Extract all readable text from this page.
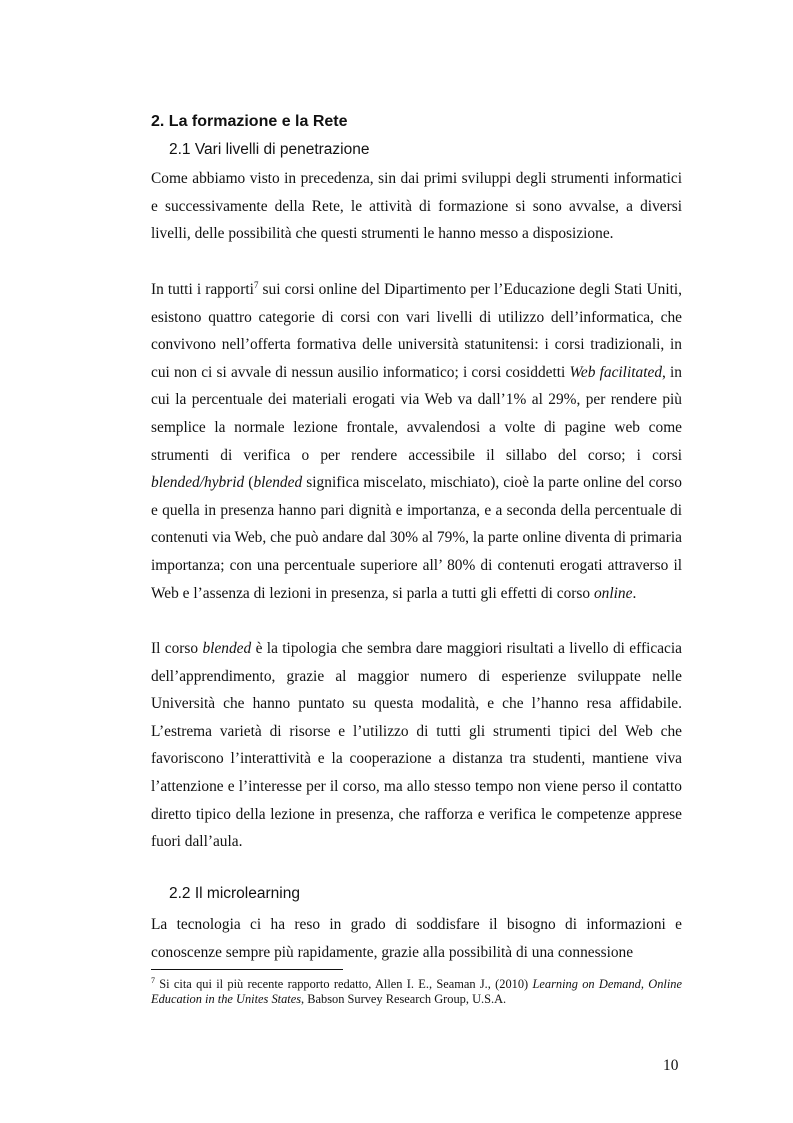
2. La formazione e la Rete
2.1 Vari livelli di penetrazione

Come abbiamo visto in precedenza, sin dai primi sviluppi degli strumenti informatici e successivamente della Rete, le attività di formazione si sono avvalse, a diversi livelli, delle possibilità che questi strumenti le hanno messo a disposizione.

In tutti i rapporti$^7$ sui corsi online del Dipartimento per l’Educazione degli Stati Uniti, esistono quattro categorie di corsi con vari livelli di utilizzo dell’informatica, che convivono nell’offerta formativa delle università statunitensi: i corsi tradizionali, in cui non ci si avvale di nessun ausilio informatico; i corsi cosiddetti Web facilitated, in cui la percentuale dei materiali erogati via Web va dall’1% al 29%, per rendere più semplice la normale lezione frontale, avvalendosi a volte di pagine web come strumenti di verifica o per rendere accessibile il sillabo del corso; i corsi blended/hybrid (blended significa miscelato, mischiato), cioè la parte online del corso e quella in presenza hanno pari dignità e importanza, e a seconda della percentuale di contenuti via Web, che può andare dal 30% al 79%, la parte online diventa di primaria importanza; con una percentuale superiore all’ 80% di contenuti erogati attraverso il Web e l’assenza di lezioni in presenza, si parla a tutti gli effetti di corso online.

Il corso blended è la tipologia che sembra dare maggiori risultati a livello di efficacia dell’apprendimento, grazie al maggior numero di esperienze sviluppate nelle Università che hanno puntato su questa modalità, e che l’hanno resa affidabile. L’estrema varietà di risorse e l’utilizzo di tutti gli strumenti tipici del Web che favoriscono l’interattività e la cooperazione a distanza tra studenti, mantiene viva l’attenzione e l’interesse per il corso, ma allo stesso tempo non viene perso il contatto diretto tipico della lezione in presenza, che rafforza e verifica le competenze apprese fuori dall’aula.

2.2 Il microlearning

La tecnologia ci ha reso in grado di soddisfare il bisogno di informazioni e conoscenze sempre più rapidamente, grazie alla possibilità di una connessione

$^7$ Si cita qui il più recente rapporto redatto, Allen I. E., Seaman J., (2010) Learning on Demand, Online Education in the Unites States, Babson Survey Research Group, U.S.A.

10
